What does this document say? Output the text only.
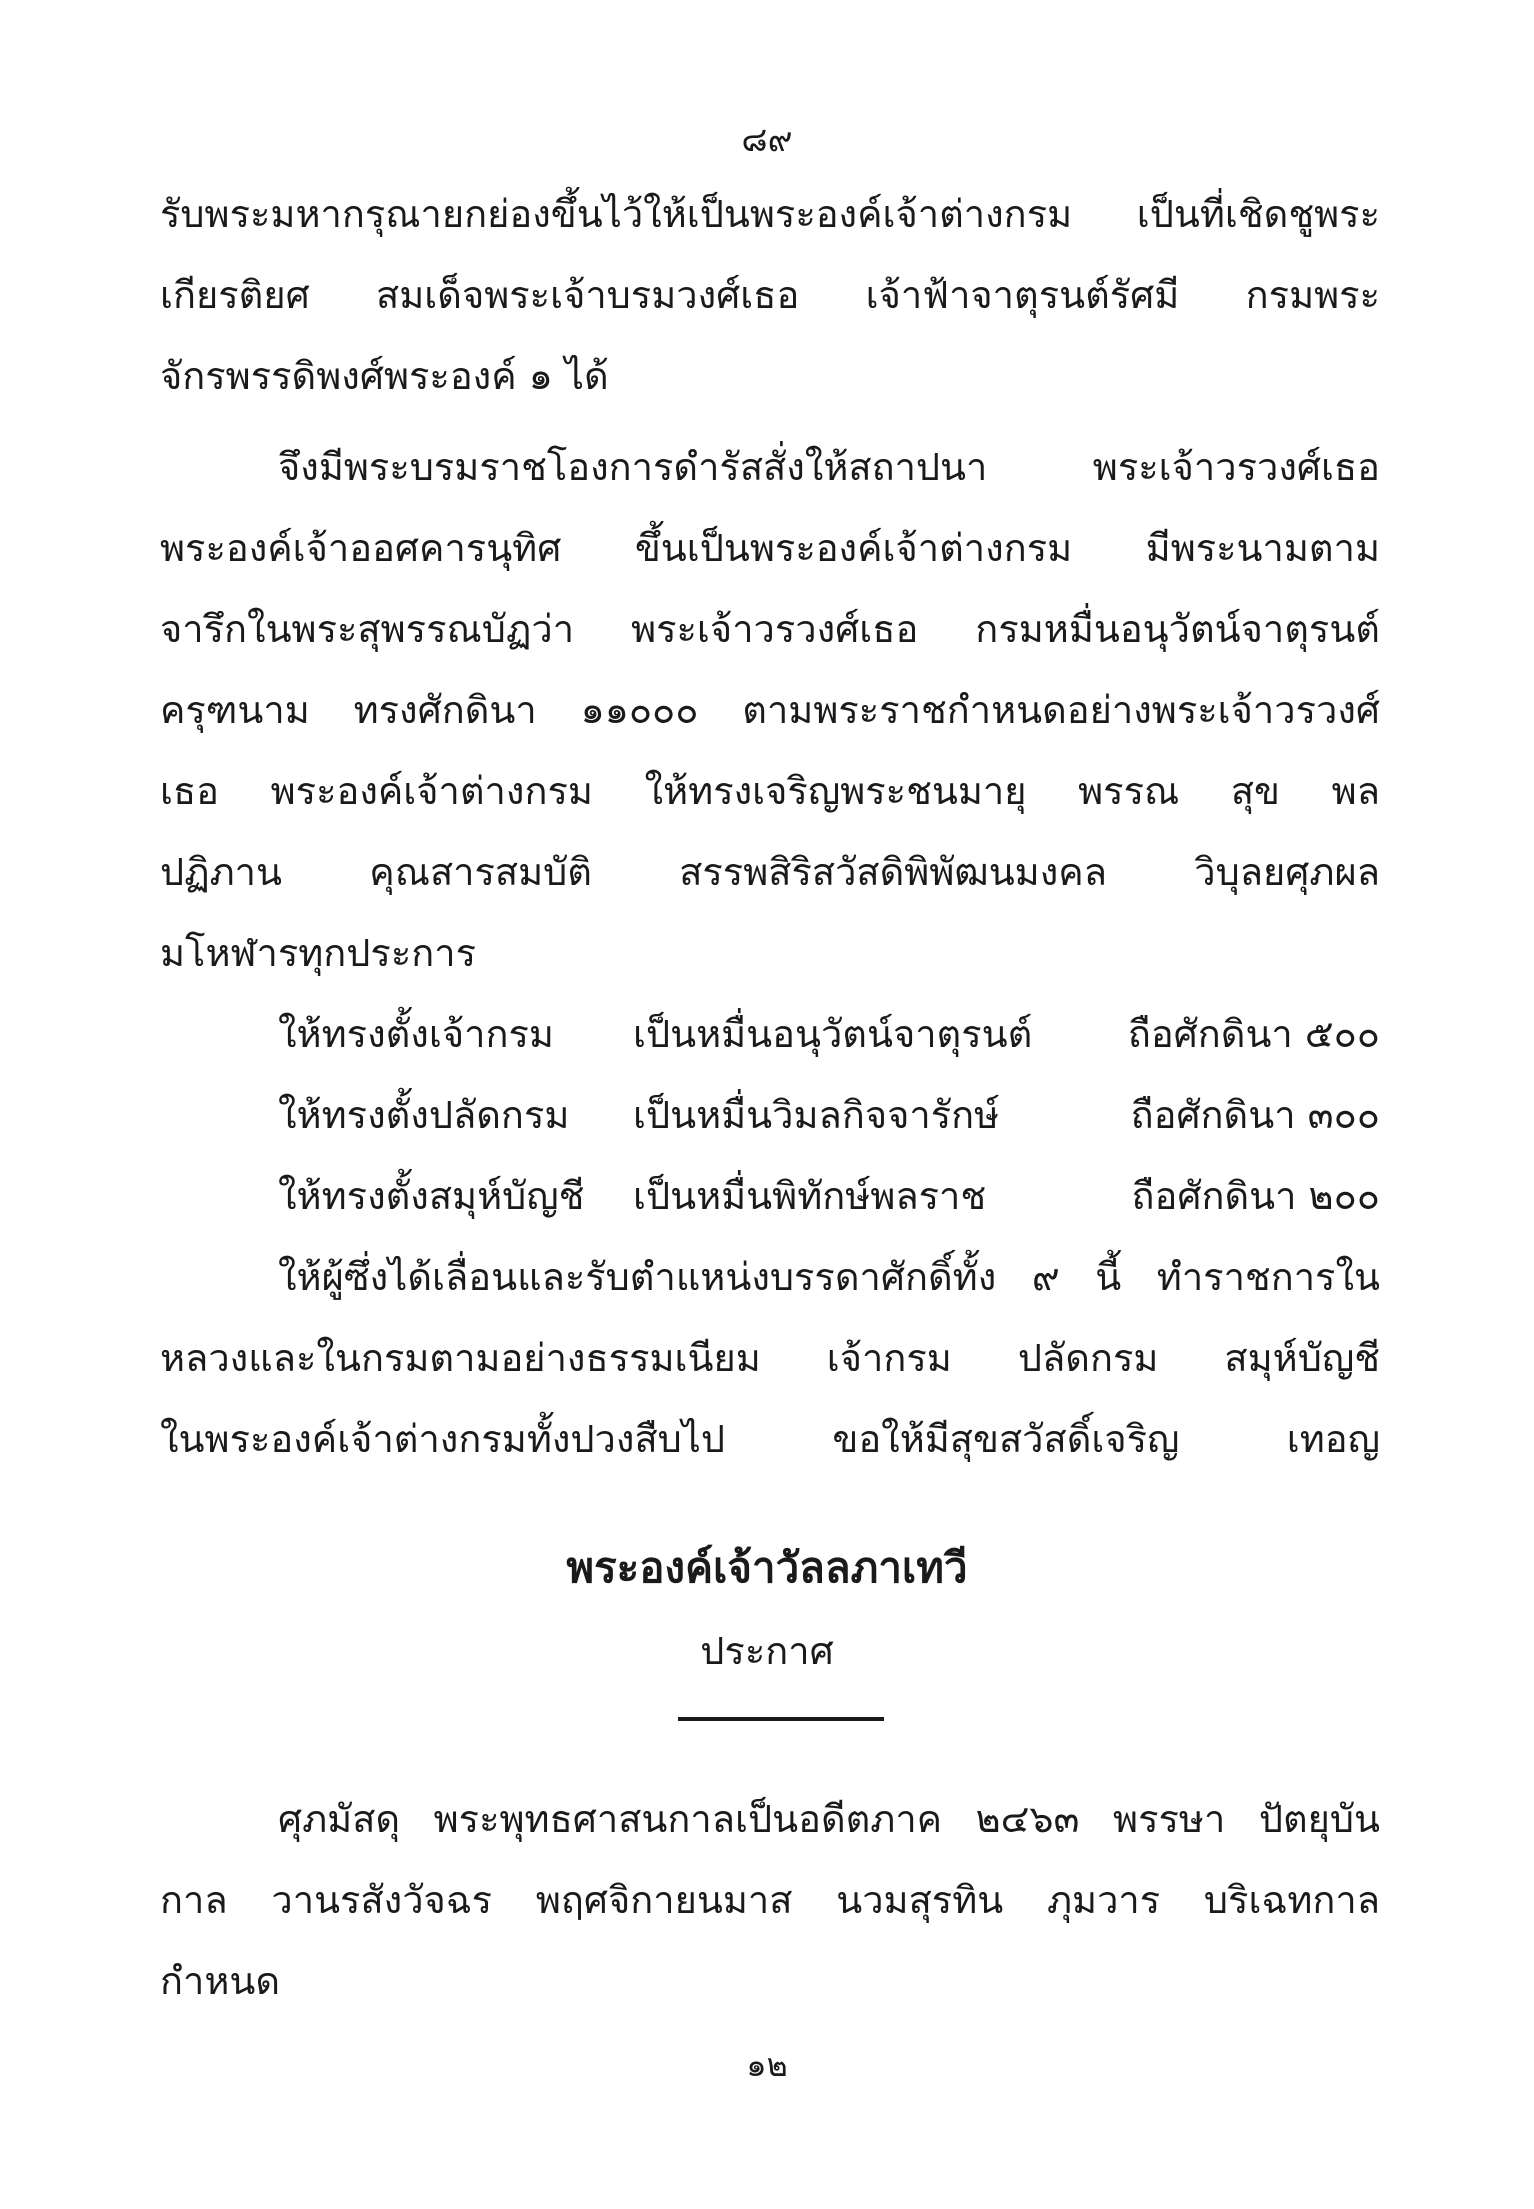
๘๙
รับพระมหากรุณายกย่องขึ้นไว้ให้เป็นพระองค์เจ้าต่างกรม เป็นที่เชิดชูพระ
เกียรติยศ สมเด็จพระเจ้าบรมวงศ์เธอ เจ้าฟ้าจาตุรนต์รัศมี กรมพระ
จักรพรรดิพงศ์พระองค์ ๑ ได้
จึงมีพระบรมราชโองการดำรัสสั่งให้สถาปนา พระเจ้าวรวงศ์เธอ
พระองค์เจ้าออศคารนุทิศ ขึ้นเป็นพระองค์เจ้าต่างกรม มีพระนามตาม
จารึกในพระสุพรรณบัฏว่า พระเจ้าวรวงศ์เธอ กรมหมื่นอนุวัตน์จาตุรนต์
ครุฑนาม ทรงศักดินา ๑๑๐๐๐ ตามพระราชกำหนดอย่างพระเจ้าวรวงศ์
เธอ พระองค์เจ้าต่างกรม ให้ทรงเจริญพระชนมายุ พรรณ สุข พล
ปฏิภาน คุณสารสมบัติ สรรพสิริสวัสดิพิพัฒนมงคล วิบุลยศุภผล
มโหฬารทุกประการ
ให้ทรงตั้งเจ้ากรม เป็นหมื่นอนุวัตน์จาตุรนต์	ถือศักดินา ๕๐๐
ให้ทรงตั้งปลัดกรม เป็นหมื่นวิมลกิจจารักษ์	ถือศักดินา ๓๐๐
ให้ทรงตั้งสมุห์บัญชี เป็นหมื่นพิทักษ์พลราช	ถือศักดินา ๒๐๐
ให้ผู้ซึ่งได้เลื่อนและรับตำแหน่งบรรดาศักดิ์ทั้ง ๙ นี้ ทำราชการใน
หลวงและในกรมตามอย่างธรรมเนียม เจ้ากรม ปลัดกรม สมุห์บัญชี
ในพระองค์เจ้าต่างกรมทั้งปวงสืบไป ขอให้มีสุขสวัสดิ์เจริญ เทอญ
พระองค์เจ้าวัลลภาเทวี
ประกาศ
ศุภมัสดุ พระพุทธศาสนกาลเป็นอดีตภาค ๒๔๖๓ พรรษา ปัตยุบัน
กาล วานรสังวัจฉร พฤศจิกายนมาส นวมสุรทิน ภุมวาร บริเฉทกาล
กำหนด
๑๒
